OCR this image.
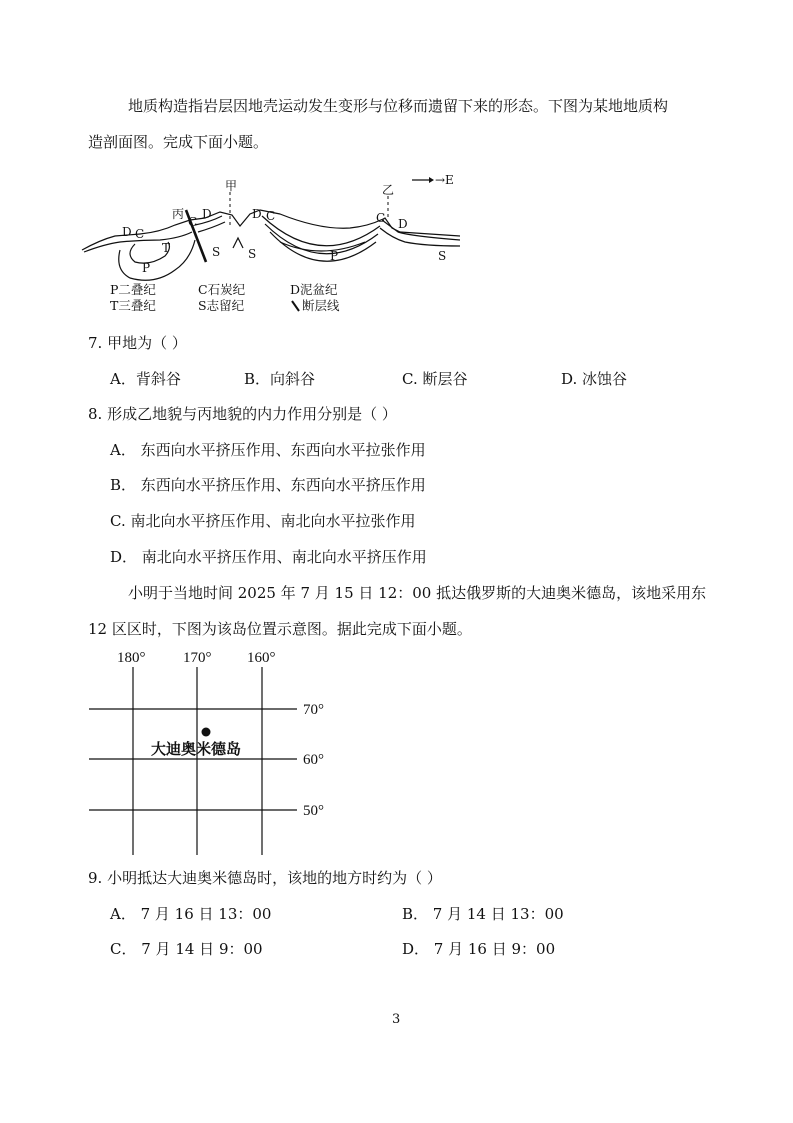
地质构造指岩层因地壳运动发生变形与位移而遗留下来的形态。下图为某地地质构
造剖面图。完成下面小题。
→E
甲	乙
丙
D C
C
D	D C	C D
T
P
P
S S	S
P二叠纪	C石炭纪	D泥盆纪
T三叠纪	S志留纪	断层线
7. 甲地为（ ）
A．背斜谷	B．向斜谷	C. 断层谷	D. 冰蚀谷
8. 形成乙地貌与丙地貌的内力作用分别是（ ）
A． 东西向水平挤压作用、东西向水平拉张作用
B． 东西向水平挤压作用、东西向水平挤压作用
C. 南北向水平挤压作用、南北向水平拉张作用
D． 南北向水平挤压作用、南北向水平挤压作用
小明于当地时间 2025 年 7 月 15 日 12：00 抵达俄罗斯的大迪奥米德岛，该地采用东
12 区区时，下图为该岛位置示意图。据此完成下面小题。
180°	170° 160°
70°
60°
50°
大迪奥米德岛
9. 小明抵达大迪奥米德岛时，该地的地方时约为（ ）
A． 7 月 16 日 13：00	B． 7 月 14 日 13：00
C． 7 月 14 日 9：00	D． 7 月 16 日 9：00
3
